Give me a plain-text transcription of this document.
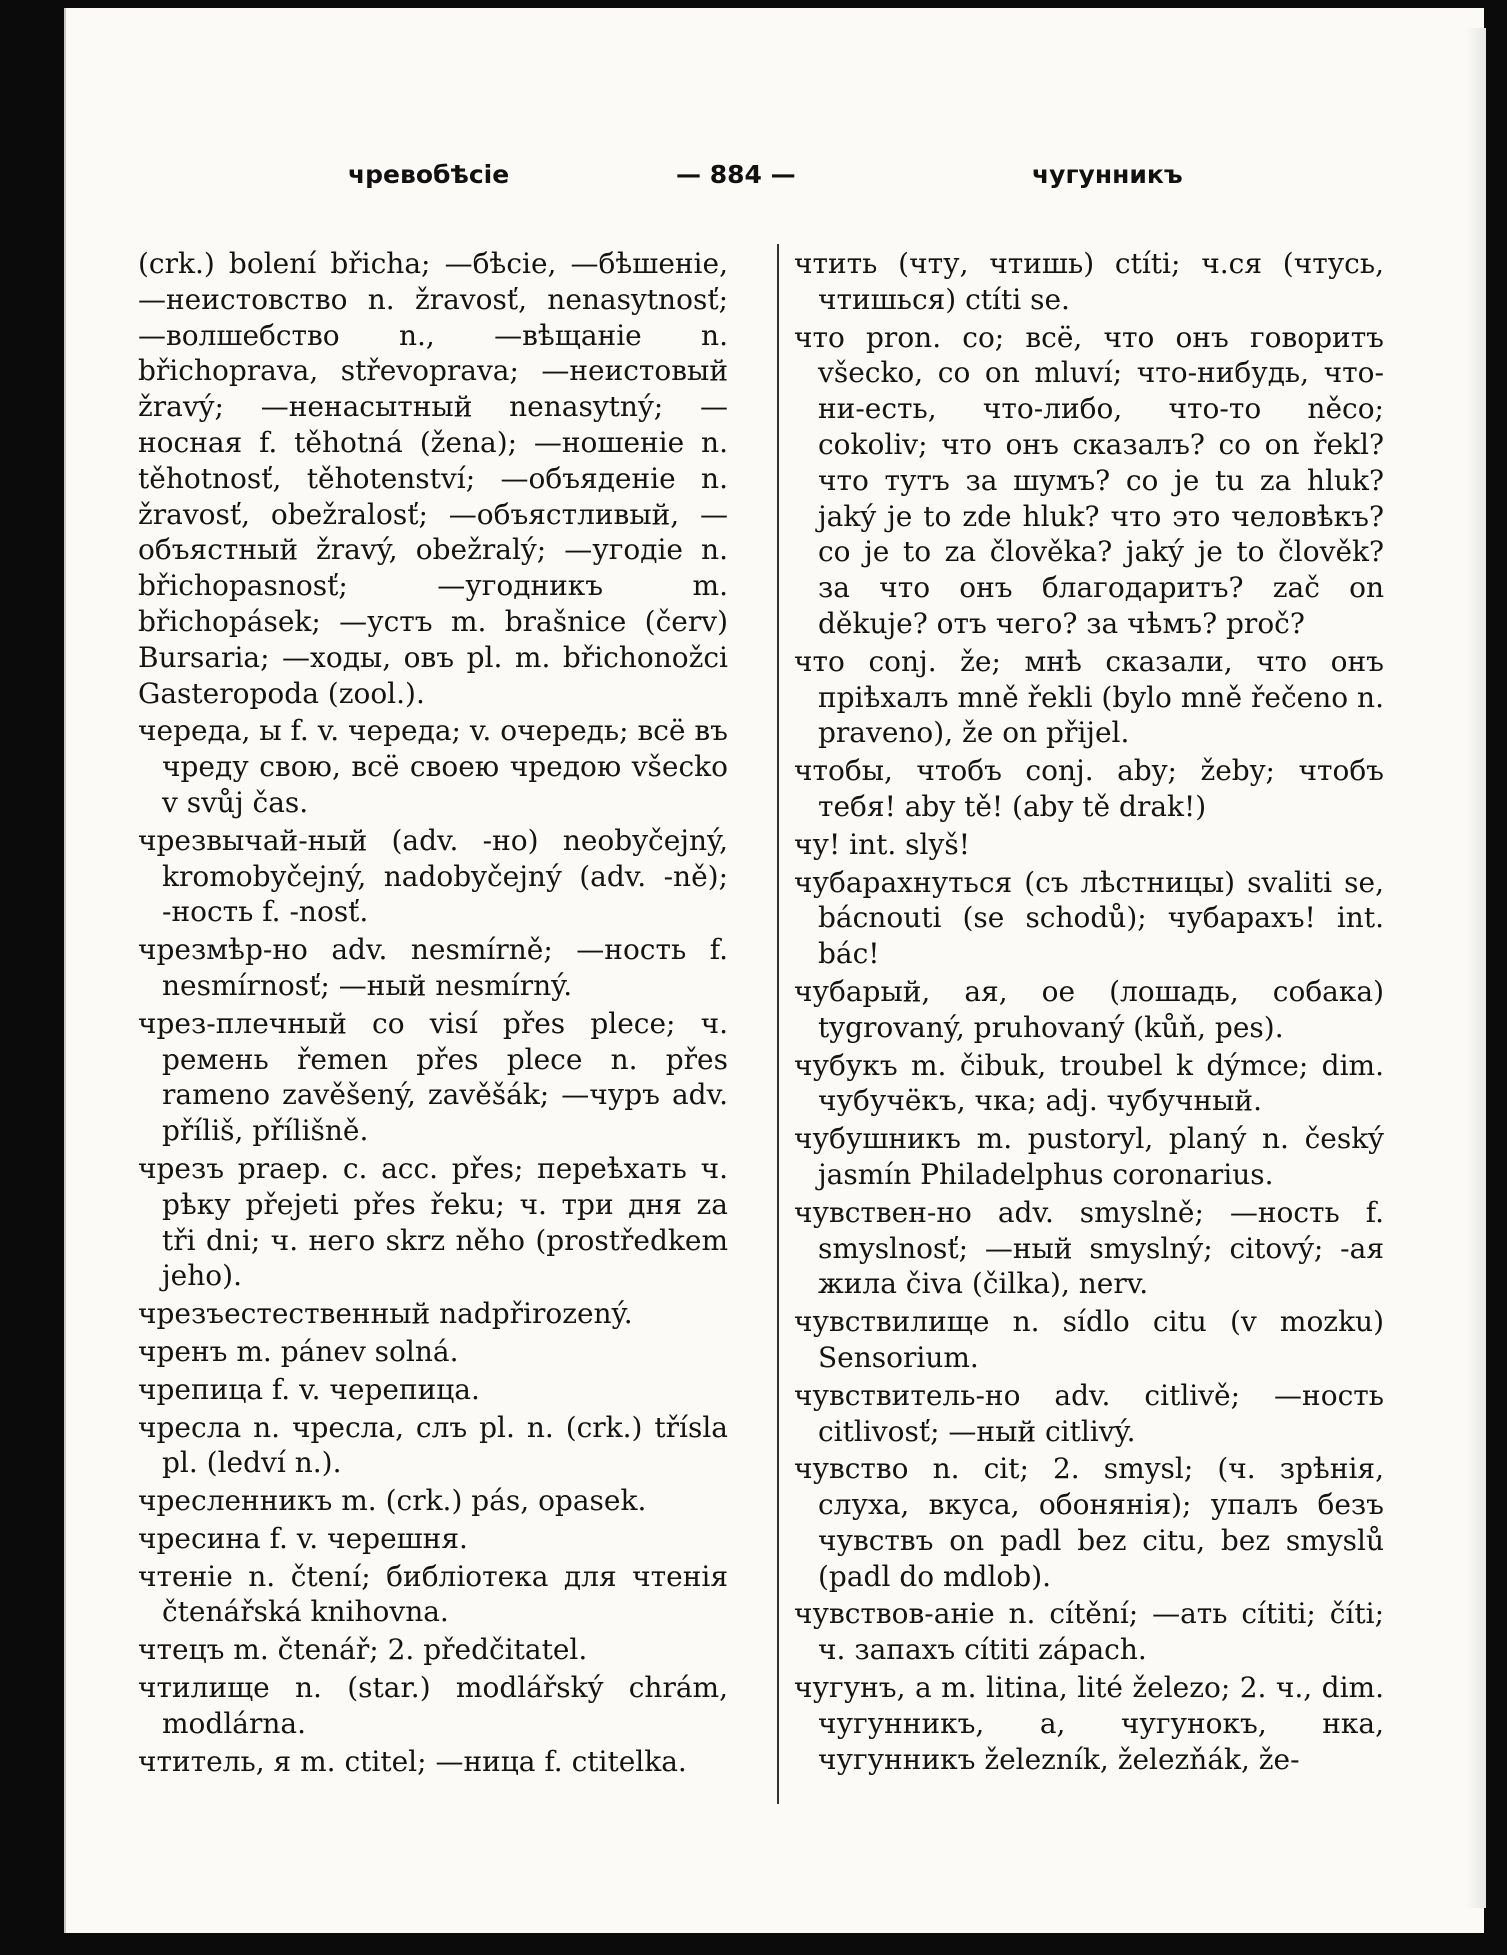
чревобѣсіе	— 884 —	чугунникъ

(crk.) bolení břicha; —бѣсіе, —бѣшеніе, —неистовство n. žravosť, nenasytnosť; —волшебство n., —вѣщаніе n. břichoprava, střevoprava; —неистовый žravý; —ненасытный nenasytný; —носная f. těhotná (žena); —ношеніе n. těhotnosť, těhotenství; —объяденіе n. žravosť, obežralosť; —объястливый, —объястный žravý, obežralý; —угодіе n. břichopasnosť; —угодникъ m. břichopásek; —устъ m. brašnice (červ) Bursaria; —ходы, овъ pl. m. břichonožci Gasteropoda (zool.).

череда, ы f. v. череда; v. очередь; всё въ чреду свою, всё своею чредою všecko v svůj čas.

чрезвычай-ный (adv. -но) neobyčejný, kromobyčejný, nadobyčejný (adv. -ně); -ность f. -nosť.

чрезмѣр-но adv. nesmírně; —ность f. nesmírnosť; —ный nesmírný.

чрез-плечный co visí přes plece; ч. ремень řemen přes plece n. přes rameno zavěšený, zavěšák; —чуръ adv. příliš, přílišně.

чрезъ praep. c. acc. přes; переѣхать ч. рѣку přejeti přes řeku; ч. три дня za tři dni; ч. него skrz něho (prostředkem jeho).

чрезъестественный nadpřirozený.

чренъ m. pánev solná.

чрепица f. v. черепица.

чресла n. чресла, слъ pl. n. (crk.) třísla pl. (ledví n.).

чресленникъ m. (crk.) pás, opasek.

чресина f. v. черешня.

чтеніе n. čtení; библіотека для чтенія čtenářská knihovna.

чтецъ m. čtenář; 2. předčitatel.

чтилище n. (star.) modlářský chrám, modlárna.

чтитель, я m. ctitel; —ница f. ctitelka.

чтить (чту, чтишь) ctíti; ч.ся (чтусь, чтишься) ctíti se.

что pron. co; всё, что онъ говоритъ všecko, co on mluví; что-нибудь, что-ни-есть, что-либо, что-то něco; cokoliv; что онъ сказалъ? co on řekl? что тутъ за шумъ? co je tu za hluk? jaký je to zde hluk? что это человѣкъ? co je to za člověka? jaký je to člověk? за что онъ благодаритъ? zač on děkuje? отъ чего? за чѣмъ? proč?

что conj. že; мнѣ сказали, что онъ пріѣхалъ mně řekli (bylo mně řečeno n. praveno), že on přijel.

чтобы, чтобъ conj. aby; žeby; чтобъ тебя! aby tě! (aby tě drak!)

чу! int. slyš!

чубарахнуться (съ лѣстницы) svaliti se, bácnouti (se schodů); чубарахъ! int. bác!

чубарый, ая, ое (лошадь, собака) tygrovaný, pruhovaný (kůň, pes).

чубукъ m. čibuk, troubel k dýmce; dim. чубучёкъ, чка; adj. чубучный.

чубушникъ m. pustoryl, planý n. český jasmín Philadelphus coronarius.

чувствен-но adv. smyslně; —ность f. smyslnosť; —ный smyslný; citový; -ая жила čiva (čilka), nerv.

чувствилище n. sídlo citu (v mozku) Sensorium.

чувствитель-но adv. citlivě; —ность citlivosť; —ный citlivý.

чувство n. cit; 2. smysl; (ч. зрѣнія, слуха, вкуса, обонянія); упалъ безъ чувствъ on padl bez citu, bez smyslů (padl do mdlob).

чувствов-аніе n. cítění; —ать cítiti; číti; ч. запахъ cítiti zápach.

чугунъ, а m. litina, lité železo; 2. ч., dim. чугунникъ, а, чугунокъ, нка, чугунникъ železník, železňák, že-
